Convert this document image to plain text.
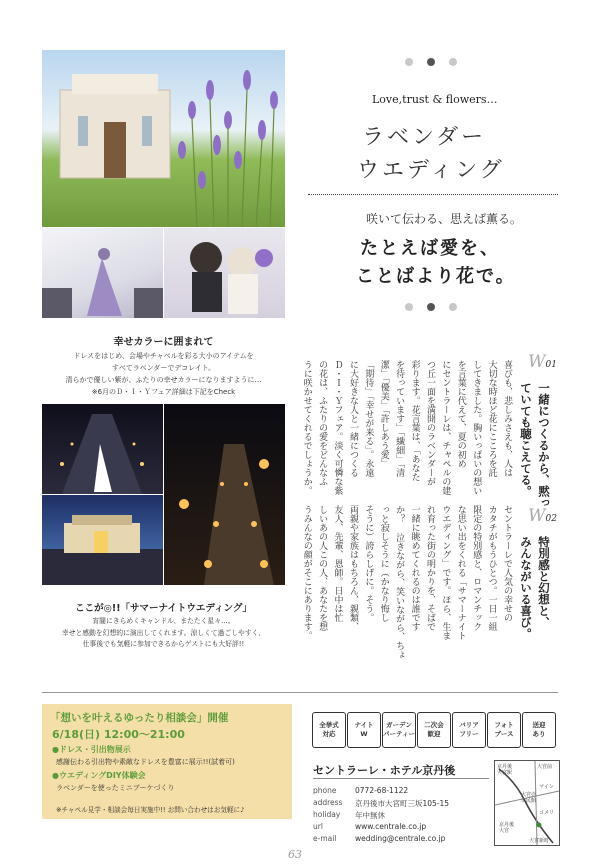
Love,trust & flowers…
ラベンダー
ウエディング
咲いて伝わる、思えば薫る。
たとえば愛を、
ことばより花で。
幸せカラーに囲まれて
ドレスをはじめ、会場やチャペルを彩る大小のアイテムを
すべてラベンダーでデコレイト。
清らかで優しい紫が、ふたりの幸せカラーになりますように…
※6月のＤ・Ｉ・Ｙフェア詳細は下記をCheck
ここが◎!!「サマーナイトウエディング」
宵闇にきらめくキャンドル、またたく星々…。
幸せと感動を幻想的に演出してくれます。涼しくて過ごしやすく、
仕事後でも気軽に参加できるからゲストにも大好評!!
W01
一緒につくるから、黙っ
ていても聴こえてる。
喜びも、悲しみさえも、人は
大切な時ほど花にこころを託
してきました。胸いっぱいの想い
を言葉に代えて、夏の初め
にセントラーレは、チャペルの建
つ丘一面を満開のラベンダーが
彩ります。花言葉は、「あなた
を待っています」「繊細」「清
潔」「優美」「許しあう愛」
「期待」「幸せが来る」。永遠
に大好きな人と一緒につくる
Ｄ・Ｉ・Ｙフェア。淡く可憐な紫
の花は、ふたりの愛をどんなふ
うに咲かせてくれるでしょうか。
W02
特別感と幻想と、
みんながいる喜び。
セントラーレで人気の幸せの
カタチがもうひとつ。一日一組
限定の特別感と、ロマンチック
な思い出をくれる「サマーナイト
ウエディング」です。ほら、生ま
れ育った街の明かりを、そばで
一緒に眺めてくれるのは誰です
か？ 泣きながら、笑いながら、ちょ
っと寂しそうに（かなり悔し
そうに）誇らしげに。そう。
両親や家族はもちろん、親類、
友人、先輩、恩師。日中は忙
しいあの人この人、あなたを想
うみんなの顔がそこにあります。
「想いを叶えるゆったり相談会」開催
6/18(日) 12:00～21:00
●ドレス・引出物展示
感謝伝わる引出物や素敵なドレスを豊富に展示!!(試着可)
●ウエディングDIY体験会
ラベンダーを使ったミニブーケづくり
※チャペル見学・相談会毎日実施中!! お問い合わせはお気軽に♪
全挙式
対応
ナイト
W
ガーデン
パーティー
二次会
歓迎
バリア
フリー
フォト
ブース
送迎
あり
セントラーレ・ホテル京丹後
phone	0772-68-1122
address	京丹後市大宮町三坂105-15
holiday	年中無休
url	www.centrale.co.jp
e-mail	wedding@centrale.co.jp
京丹後
大宮駅
大宮前
マイン
大宮売
市民館
コメリ
京丹後
大宮
大宮新町
63
